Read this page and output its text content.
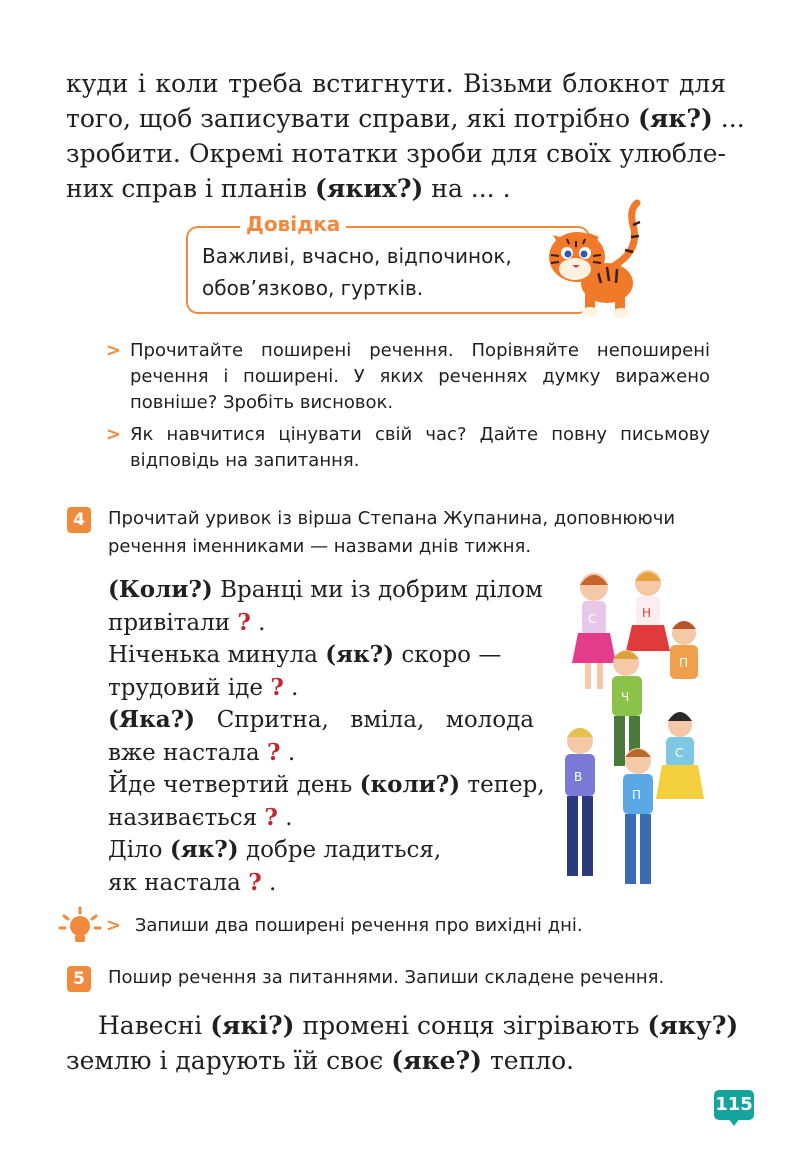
куди і коли треба встигнути. Візьми блокнот для
того, щоб записувати справи, які потрібно (як?) ...
зробити. Окремі нотатки зроби для своїх улюблe-
них справ і планів (яких?) на ... .
Довідка
Важливі, вчасно, відпочинок,
обов’язково, гуртків.
> Прочитайте поширені речення. Порівняйте непоширені речення і поширені. У яких реченнях думку виражено повніше? Зробіть висновок.
> Як навчитися цінувати свій час? Дайте повну письмову відповідь на запитання.
4	Прочитай уривок із вірша Степана Жупанина, доповнюючи
речення іменниками — назвами днів тижня.
(Коли?) Вранці ми із добрим ділом
привітали ? .
Ніченька минула (як?) скоро —
трудовий іде ? .
(Яка?) Спритна, вміла, молода
вже настала ? .
Йде четвертий день (коли?) тепер,
називається ? .
Діло (як?) добре ладиться,
як настала ? .
С	Н
П
Ч
С
П
В
> Запиши два поширені речення про вихідні дні.
5	Пошир речення за питаннями. Запиши складене речення.
Навесні (які?) промені сонця зігрівають (яку?)
землю і дарують їй своє (яке?) тепло.
115
